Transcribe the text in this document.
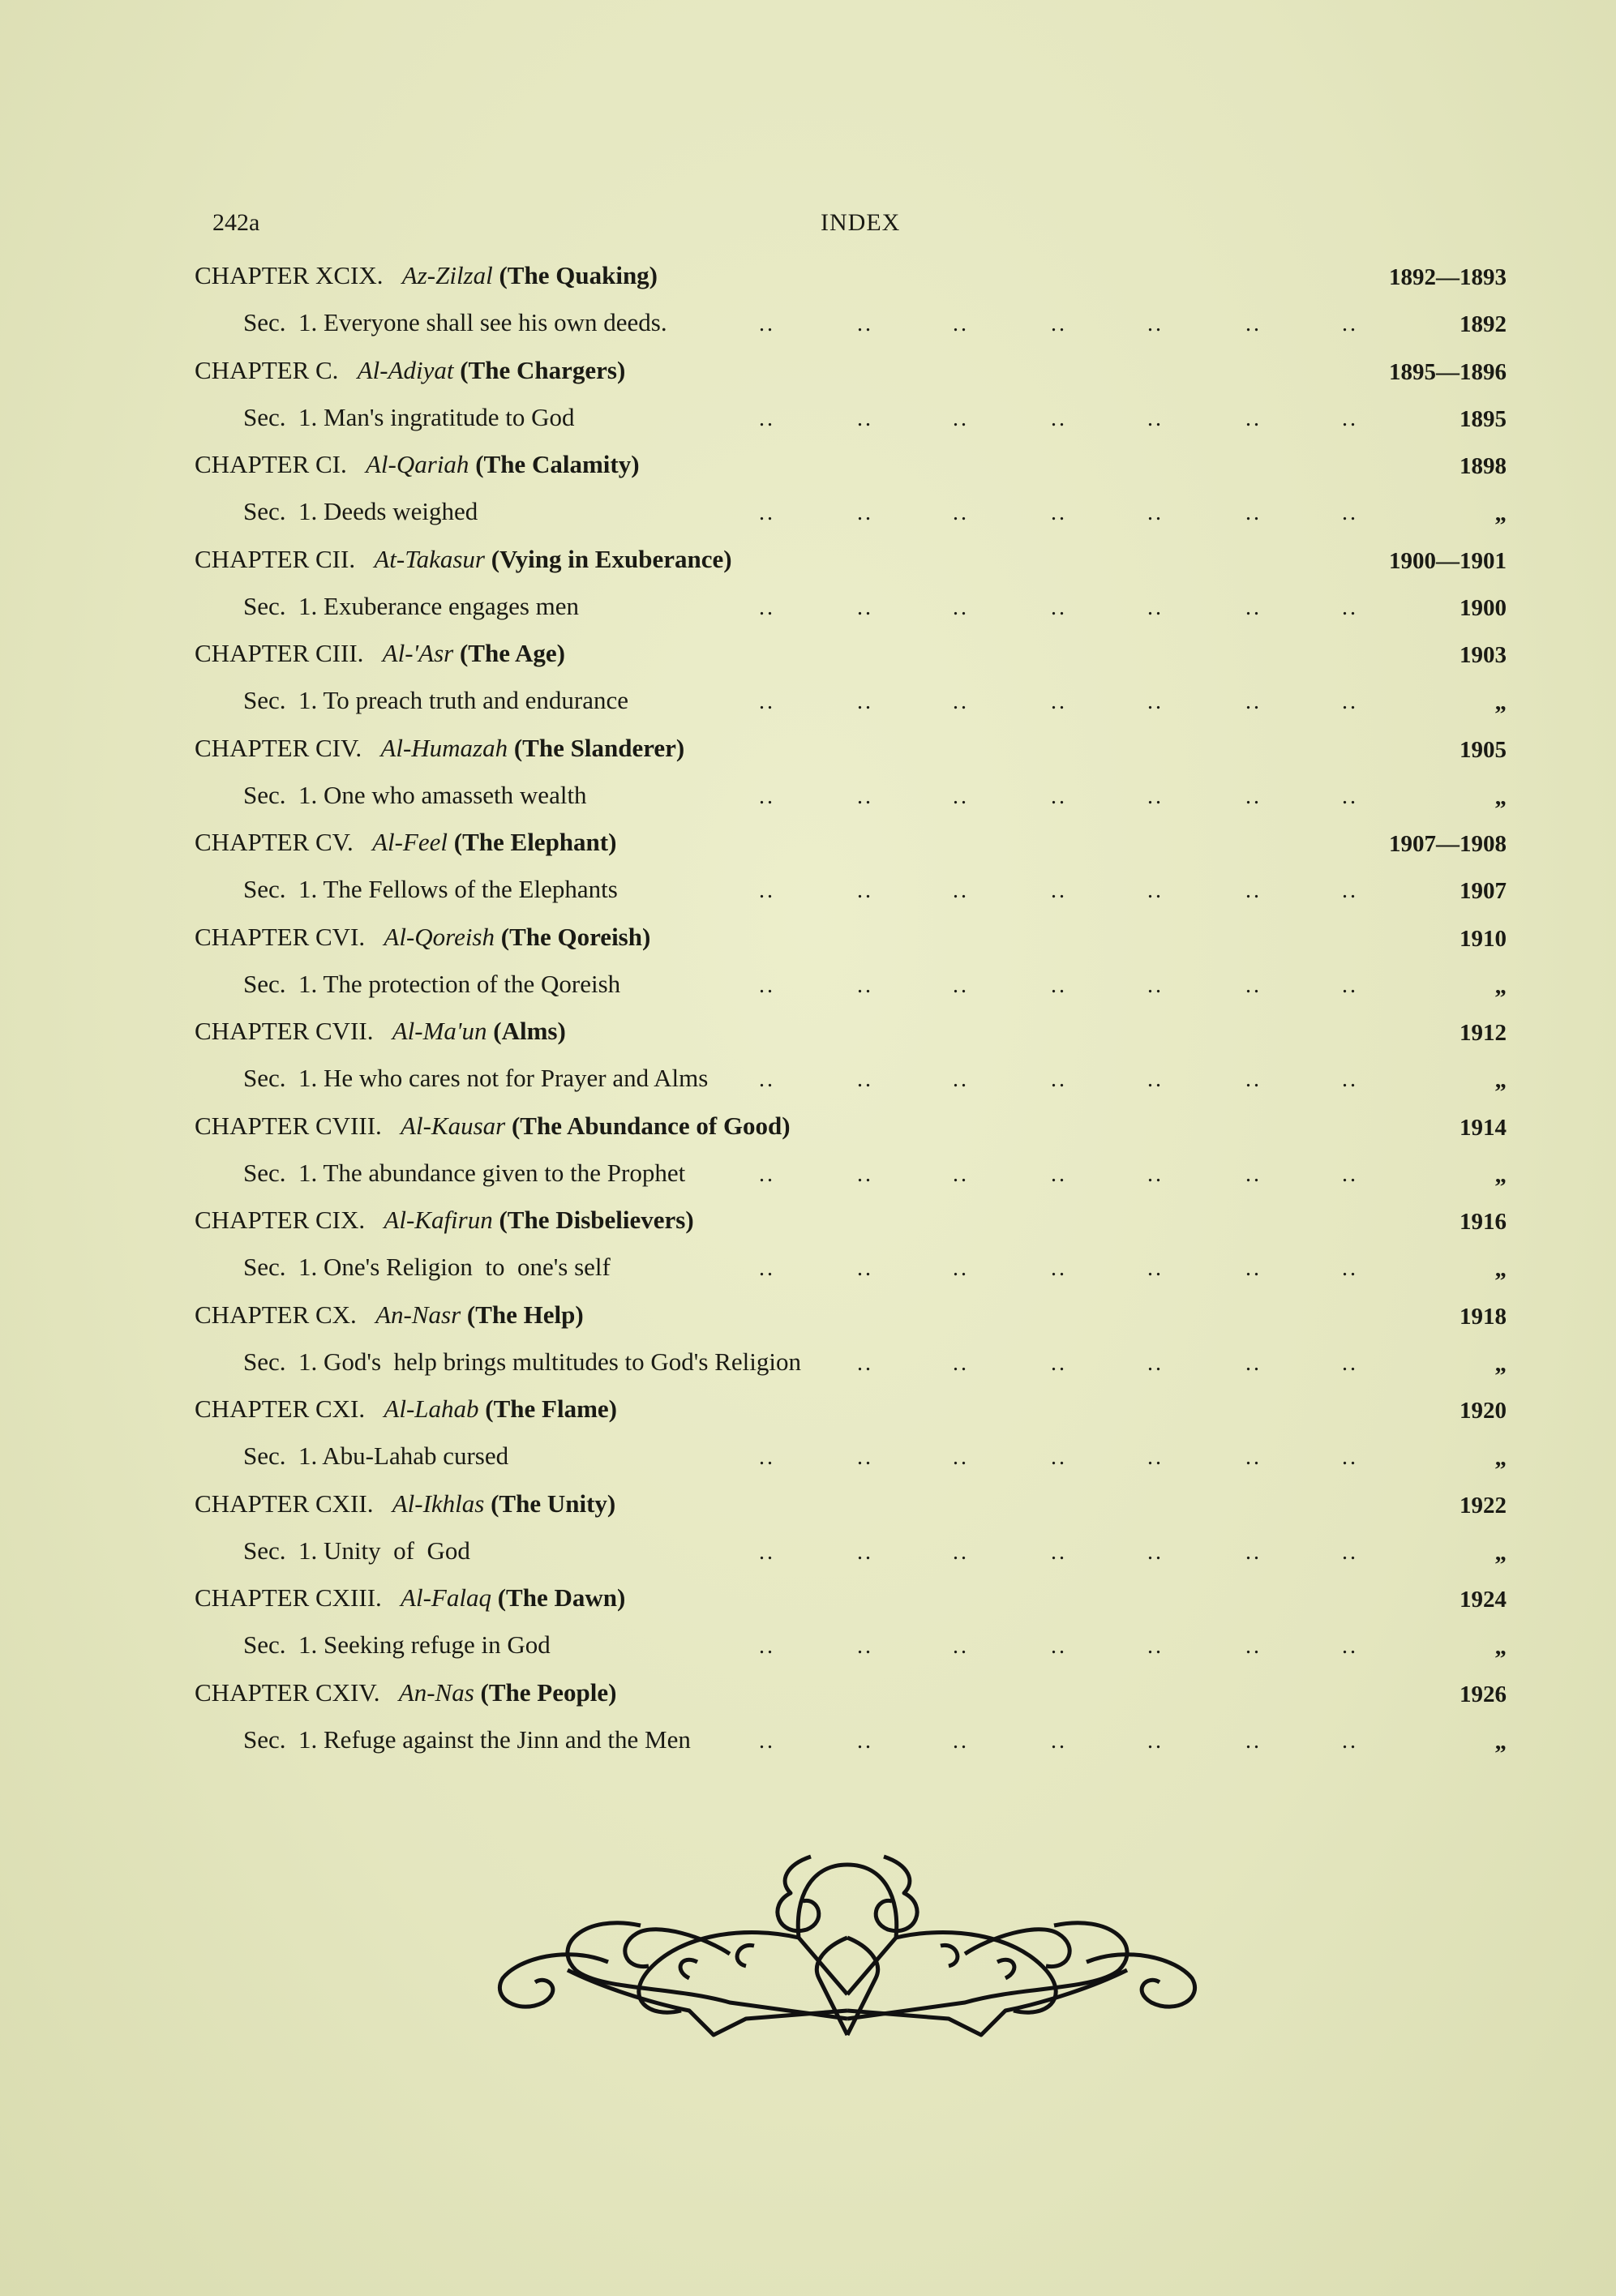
242a	INDEX
CHAPTER XCIX. Az-Zilzal (The Quaking)	1892—1893
Sec.  1. Everyone shall see his own deeds.	1892
..	..	..	..	..	..	..
CHAPTER C. Al-Adiyat (The Chargers)	1895—1896
Sec.  1. Man's ingratitude to God	1895
..	..	..	..	..	..	..
CHAPTER CI. Al-Qariah (The Calamity)	1898
Sec.  1. Deeds weighed	„
..	..	..	..	..	..	..
CHAPTER CII. At-Takasur (Vying in Exuberance)	1900—1901
Sec.  1. Exuberance engages men	1900
..	..	..	..	..	..	..
CHAPTER CIII. Al-'Asr (The Age)	1903
Sec.  1. To preach truth and endurance	„
..	..	..	..	..	..	..
CHAPTER CIV. Al-Humazah (The Slanderer)	1905
Sec.  1. One who amasseth wealth	„
..	..	..	..	..	..	..
CHAPTER CV. Al-Feel (The Elephant)	1907—1908
Sec.  1. The Fellows of the Elephants	1907
..	..	..	..	..	..	..
CHAPTER CVI. Al-Qoreish (The Qoreish)	1910
Sec.  1. The protection of the Qoreish	„
..	..	..	..	..	..	..
CHAPTER CVII. Al-Ma'un (Alms)	1912
Sec.  1. He who cares not for Prayer and Alms	„
..	..	..	..	..	..	..
CHAPTER CVIII. Al-Kausar (The Abundance of Good)	1914
Sec.  1. The abundance given to the Prophet	„
..	..	..	..	..	..	..
CHAPTER CIX. Al-Kafirun (The Disbelievers)	1916
Sec.  1. One's Religion  to  one's self	„
..	..	..	..	..	..	..
CHAPTER CX. An-Nasr (The Help)	1918
Sec.  1. God's  help brings multitudes to God's Religion	„
..	..	..	..	..	..
CHAPTER CXI. Al-Lahab (The Flame)	1920
Sec.  1. Abu-Lahab cursed	„
..	..	..	..	..	..	..
CHAPTER CXII. Al-Ikhlas (The Unity)	1922
Sec.  1. Unity  of  God	„
..	..	..	..	..	..	..
CHAPTER CXIII. Al-Falaq (The Dawn)	1924
Sec.  1. Seeking refuge in God	„
..	..	..	..	..	..	..
CHAPTER CXIV. An-Nas (The People)	1926
Sec.  1. Refuge against the Jinn and the Men	„
..	..	..	..	..	..	..
